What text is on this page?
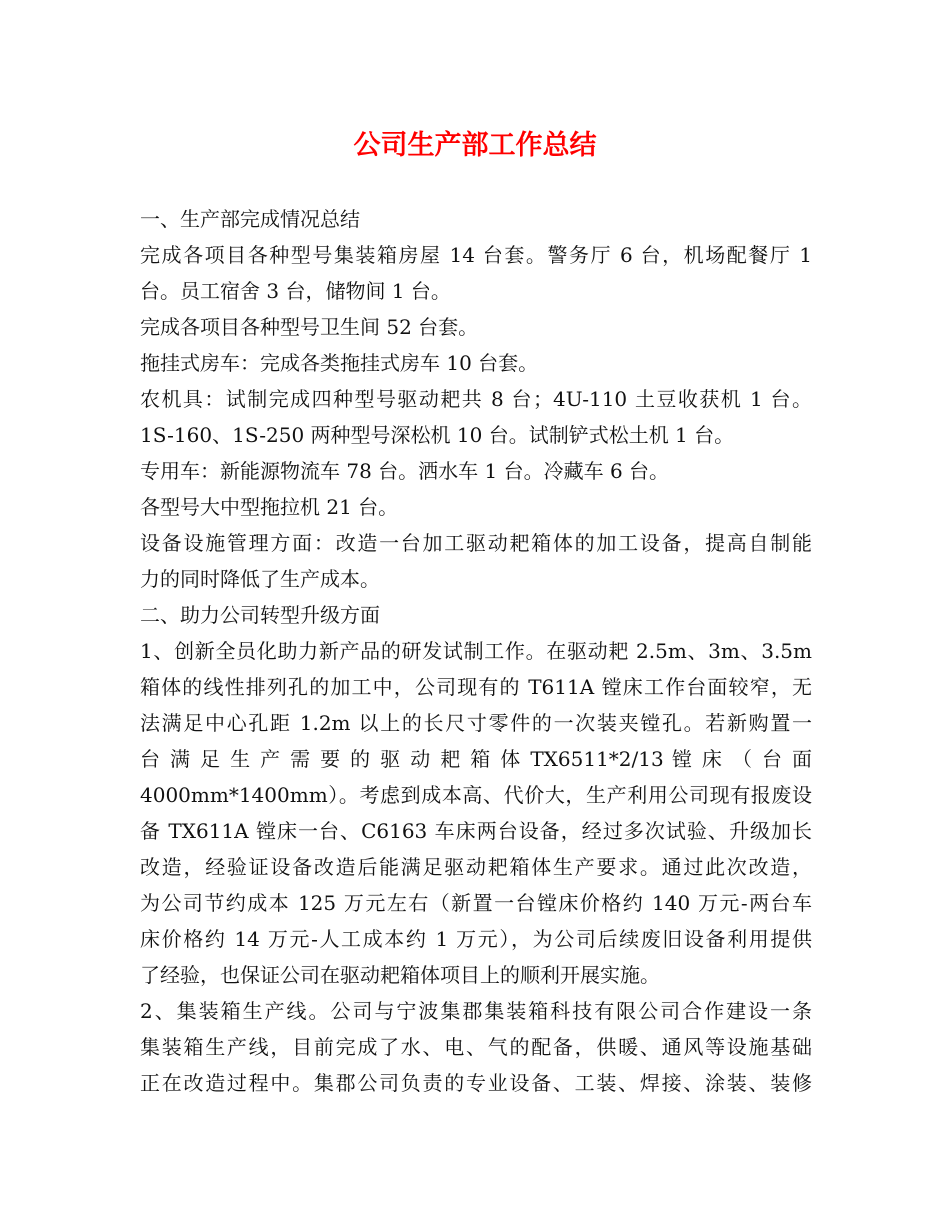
公司生产部工作总结
一、生产部完成情况总结
完成各项目各种型号集装箱房屋 14 台套。警务厅 6 台，机场配餐厅 1
台。员工宿舍 3 台，储物间 1 台。
完成各项目各种型号卫生间 52 台套。
拖挂式房车：完成各类拖挂式房车 10 台套。
农机具：试制完成四种型号驱动耙共 8 台；4U-110 土豆收获机 1 台。
1S-160、1S-250 两种型号深松机 10 台。试制铲式松土机 1 台。
专用车：新能源物流车 78 台。洒水车 1 台。冷藏车 6 台。
各型号大中型拖拉机 21 台。
设备设施管理方面：改造一台加工驱动耙箱体的加工设备，提高自制能
力的同时降低了生产成本。
二、助力公司转型升级方面
1、创新全员化助力新产品的研发试制工作。在驱动耙 2.5m、3m、3.5m
箱体的线性排列孔的加工中，公司现有的 T611A 镗床工作台面较窄，无
法满足中心孔距 1.2m 以上的长尺寸零件的一次装夹镗孔。若新购置一
台 满 足 生 产 需 要 的 驱 动 耙 箱 体 TX6511*2/13 镗 床 （ 台 面
4000mm*1400mm）。考虑到成本高、代价大，生产利用公司现有报废设
备 TX611A 镗床一台、C6163 车床两台设备，经过多次试验、升级加长
改造，经验证设备改造后能满足驱动耙箱体生产要求。通过此次改造，
为公司节约成本 125 万元左右（新置一台镗床价格约 140 万元-两台车
床价格约 14 万元-人工成本约 1 万元），为公司后续废旧设备利用提供
了经验，也保证公司在驱动耙箱体项目上的顺利开展实施。
2、集装箱生产线。公司与宁波集郡集装箱科技有限公司合作建设一条
集装箱生产线，目前完成了水、电、气的配备，供暖、通风等设施基础
正在改造过程中。集郡公司负责的专业设备、工装、焊接、涂装、装修
